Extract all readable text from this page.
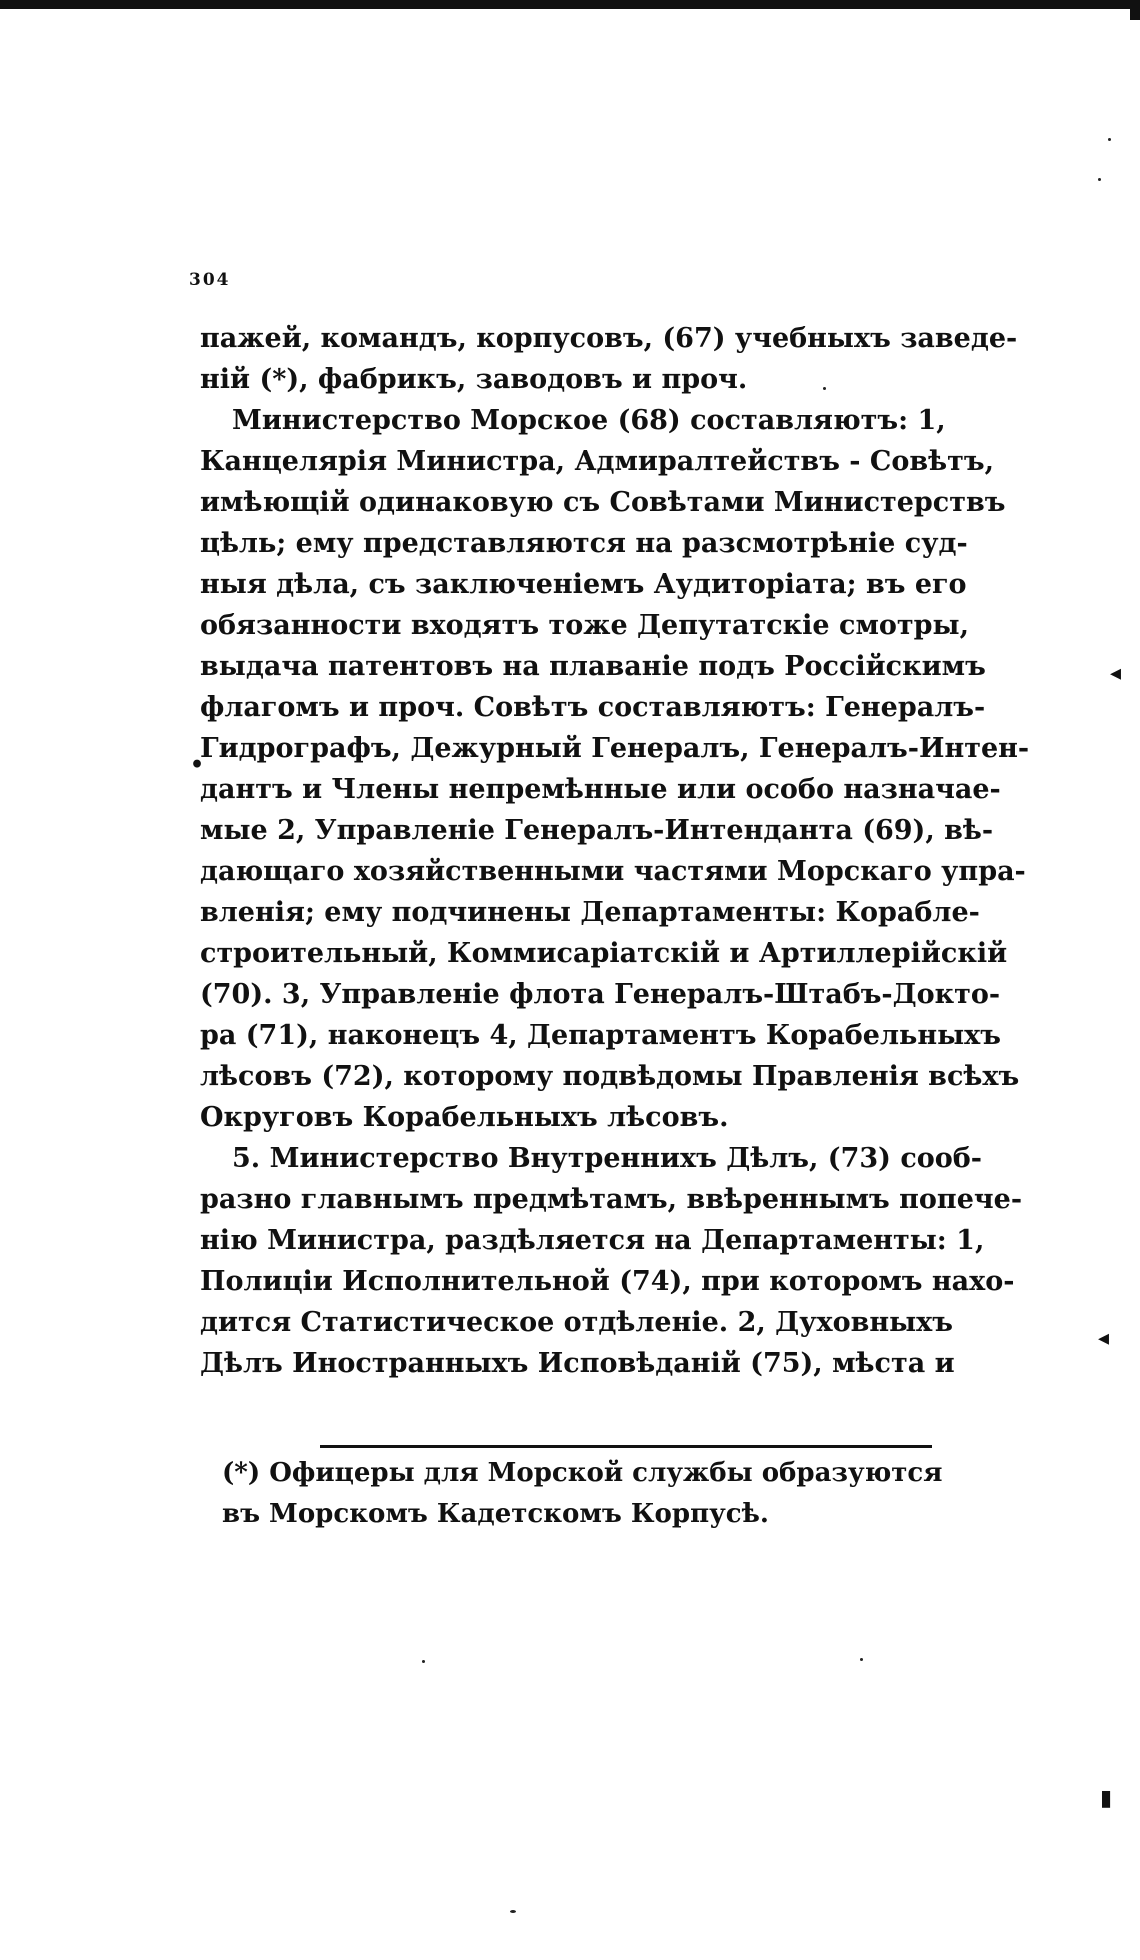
304
пажей, командъ, корпусовъ, (67) учебныхъ заведе-
ній (*), фабрикъ, заводовъ и проч.
Министерство Морское (68) составляютъ: 1,
Канцелярія Министра, Адмиралтействъ - Совѣтъ,
имѣющій одинаковую съ Совѣтами Министерствъ
цѣль; ему представляются на разсмотрѣніе суд-
ныя дѣла, съ заключеніемъ Аудиторіата; въ его
обязанности входятъ тоже Депутатскіе смотры,
выдача патентовъ на плаваніе подъ Россійскимъ
флагомъ и проч. Совѣтъ составляютъ: Генералъ-
Гидрографъ, Дежурный Генералъ, Генералъ-Интен-
дантъ и Члены непремѣнные или особо назначае-
мые 2, Управленіе Генералъ-Интенданта (69), вѣ-
дающаго хозяйственными частями Морскаго упра-
вленія; ему подчинены Департаменты: Корабле-
строительный, Коммисаріатскій и Артиллерійскій
(70). 3, Управленіе флота Генералъ-Штабъ-Доктo-
ра (71), наконецъ 4, Департаментъ Корабельныхъ
лѣсовъ (72), которому подвѣдомы Правленія всѣхъ
Округовъ Корабельныхъ лѣсовъ.
5. Министерство Внутреннихъ Дѣлъ, (73) сооб-
разно главнымъ предмѣтамъ, ввѣреннымъ попече-
нію Министра, раздѣляется на Департаменты: 1,
Полиціи Исполнительной (74), при которомъ нахо-
дится Статистическое отдѣленіе. 2, Духовныхъ
Дѣлъ Иностранныхъ Исповѣданій (75), мѣста и
(*) Офицеры для Морской службы образуются
въ Морскомъ Кадетскомъ Корпусѣ.
•
◂
◂
▮
